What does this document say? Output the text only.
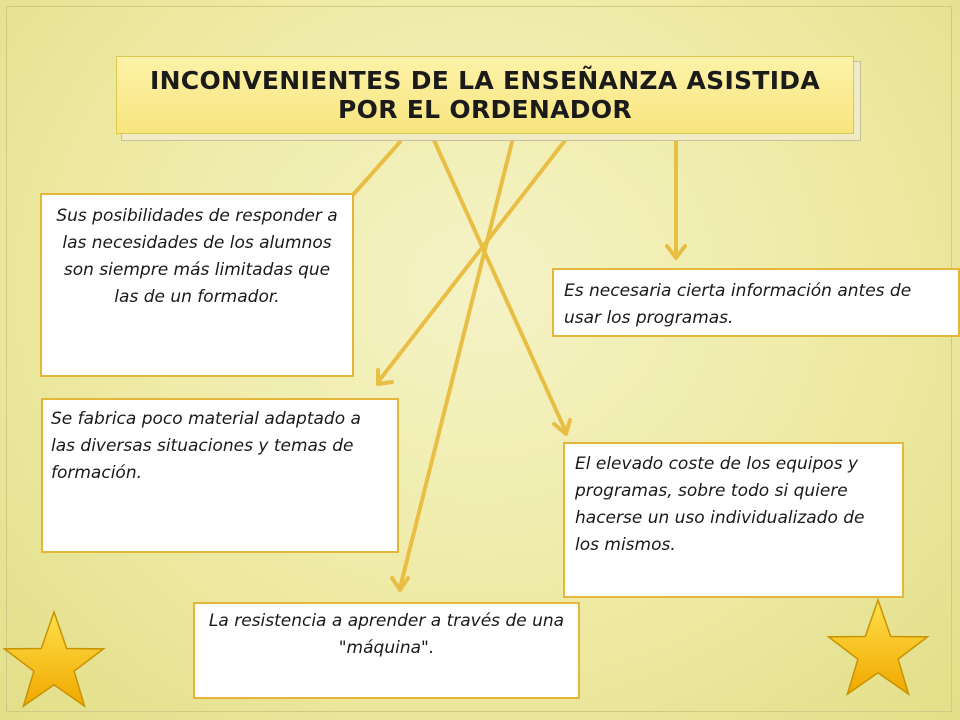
INCONVENIENTES DE LA ENSEÑANZA ASISTIDA POR EL ORDENADOR
Sus posibilidades de responder a las necesidades de los alumnos son siempre más limitadas que las de un formador.	Es necesaria cierta información antes de usar los programas.
Se fabrica poco material adaptado a las diversas situaciones y temas de formación.	El elevado coste de los equipos y programas, sobre todo si quiere hacerse un uso individualizado de los mismos.
La resistencia a aprender a través de una "máquina".
